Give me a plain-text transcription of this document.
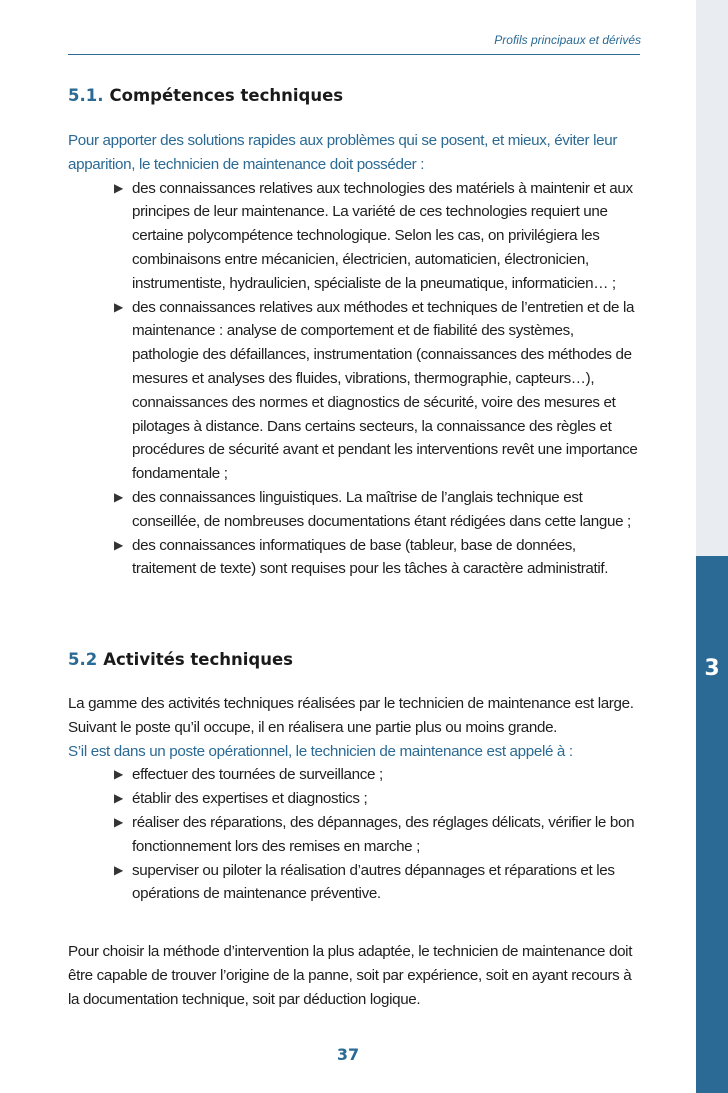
3
Profils principaux et dérivés
5.1. Compétences techniques
Pour apporter des solutions rapides aux problèmes qui se posent, et mieux, éviter leur apparition, le technicien de maintenance doit posséder :
▶ des connaissances relatives aux technologies des matériels à maintenir et aux principes de leur maintenance. La variété de ces technologies requiert une certaine polycompétence technologique. Selon les cas, on privilégiera les combinaisons entre mécanicien, électricien, automaticien, électronicien, instrumentiste, hydraulicien, spécialiste de la pneumatique, informaticien… ;
▶ des connaissances relatives aux méthodes et techniques de l’entretien et de la maintenance : analyse de comportement et de fiabilité des systèmes, pathologie des défaillances, instrumentation (connaissances des méthodes de mesures et analyses des fluides, vibrations, thermographie, capteurs…), connaissances des normes et diagnostics de sécurité, voire des mesures et pilotages à distance. Dans certains secteurs, la connaissance des règles et procédures de sécurité avant et pendant les interventions revêt une importance fondamentale ;
▶ des connaissances linguistiques. La maîtrise de l’anglais technique est conseillée, de nombreuses documentations étant rédigées dans cette langue ;
▶ des connaissances informatiques de base (tableur, base de données, traitement de texte) sont requises pour les tâches à caractère administratif.
5.2 Activités techniques
La gamme des activités techniques réalisées par le technicien de maintenance est large. Suivant le poste qu’il occupe, il en réalisera une partie plus ou moins grande.
S’il est dans un poste opérationnel, le technicien de maintenance est appelé à :
▶ effectuer des tournées de surveillance ;
▶ établir des expertises et diagnostics ;
▶ réaliser des réparations, des dépannages, des réglages délicats, vérifier le bon fonctionnement lors des remises en marche ;
▶ superviser ou piloter la réalisation d’autres dépannages et réparations et les opérations de maintenance préventive.
Pour choisir la méthode d’intervention la plus adaptée, le technicien de maintenance doit être capable de trouver l’origine de la panne, soit par expérience, soit en ayant recours à la documentation technique, soit par déduction logique.
37
